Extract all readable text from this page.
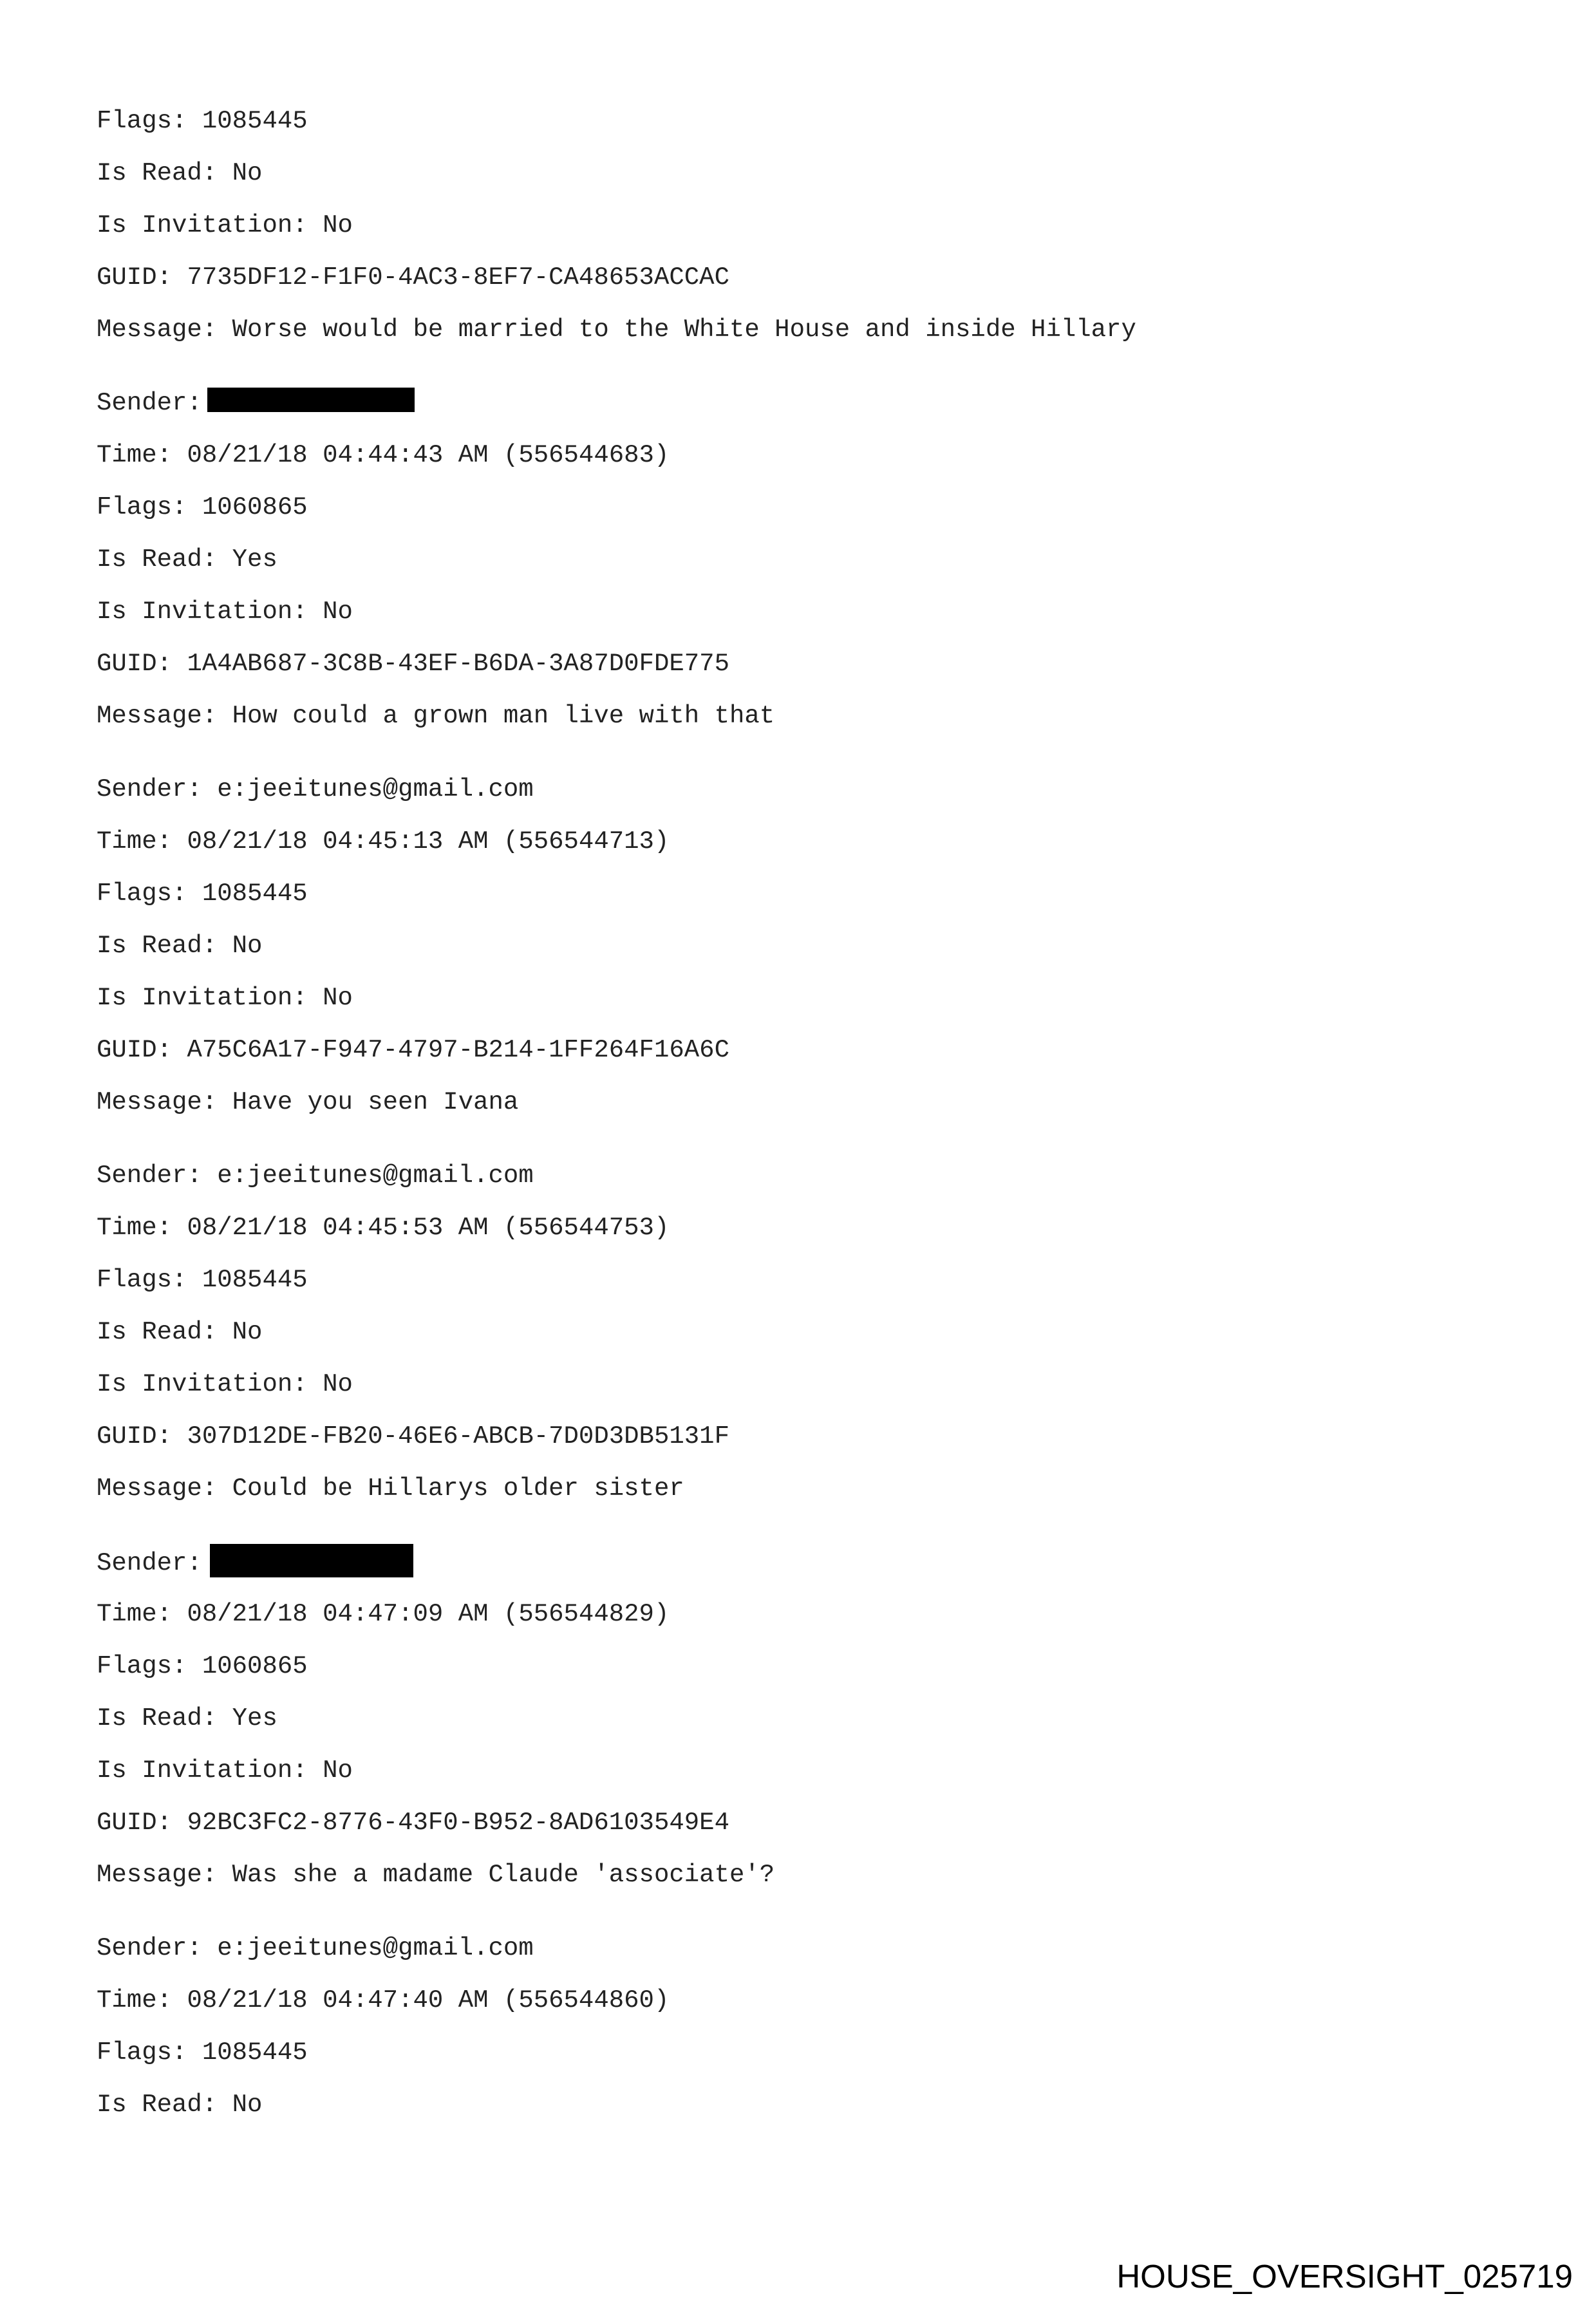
Flags: 1085445
Is Read: No
Is Invitation: No
GUID: 7735DF12-F1F0-4AC3-8EF7-CA48653ACCAC
Message: Worse would be married to the White House and inside Hillary
Sender:
Time: 08/21/18 04:44:43 AM (556544683)
Flags: 1060865
Is Read: Yes
Is Invitation: No
GUID: 1A4AB687-3C8B-43EF-B6DA-3A87D0FDE775
Message: How could a grown man live with that
Sender: e:jeeitunes@gmail.com
Time: 08/21/18 04:45:13 AM (556544713)
Flags: 1085445
Is Read: No
Is Invitation: No
GUID: A75C6A17-F947-4797-B214-1FF264F16A6C
Message: Have you seen Ivana
Sender: e:jeeitunes@gmail.com
Time: 08/21/18 04:45:53 AM (556544753)
Flags: 1085445
Is Read: No
Is Invitation: No
GUID: 307D12DE-FB20-46E6-ABCB-7D0D3DB5131F
Message: Could be Hillarys older sister
Sender:
Time: 08/21/18 04:47:09 AM (556544829)
Flags: 1060865
Is Read: Yes
Is Invitation: No
GUID: 92BC3FC2-8776-43F0-B952-8AD6103549E4
Message: Was she a madame Claude 'associate'?
Sender: e:jeeitunes@gmail.com
Time: 08/21/18 04:47:40 AM (556544860)
Flags: 1085445
Is Read: No
HOUSE_OVERSIGHT_025719
